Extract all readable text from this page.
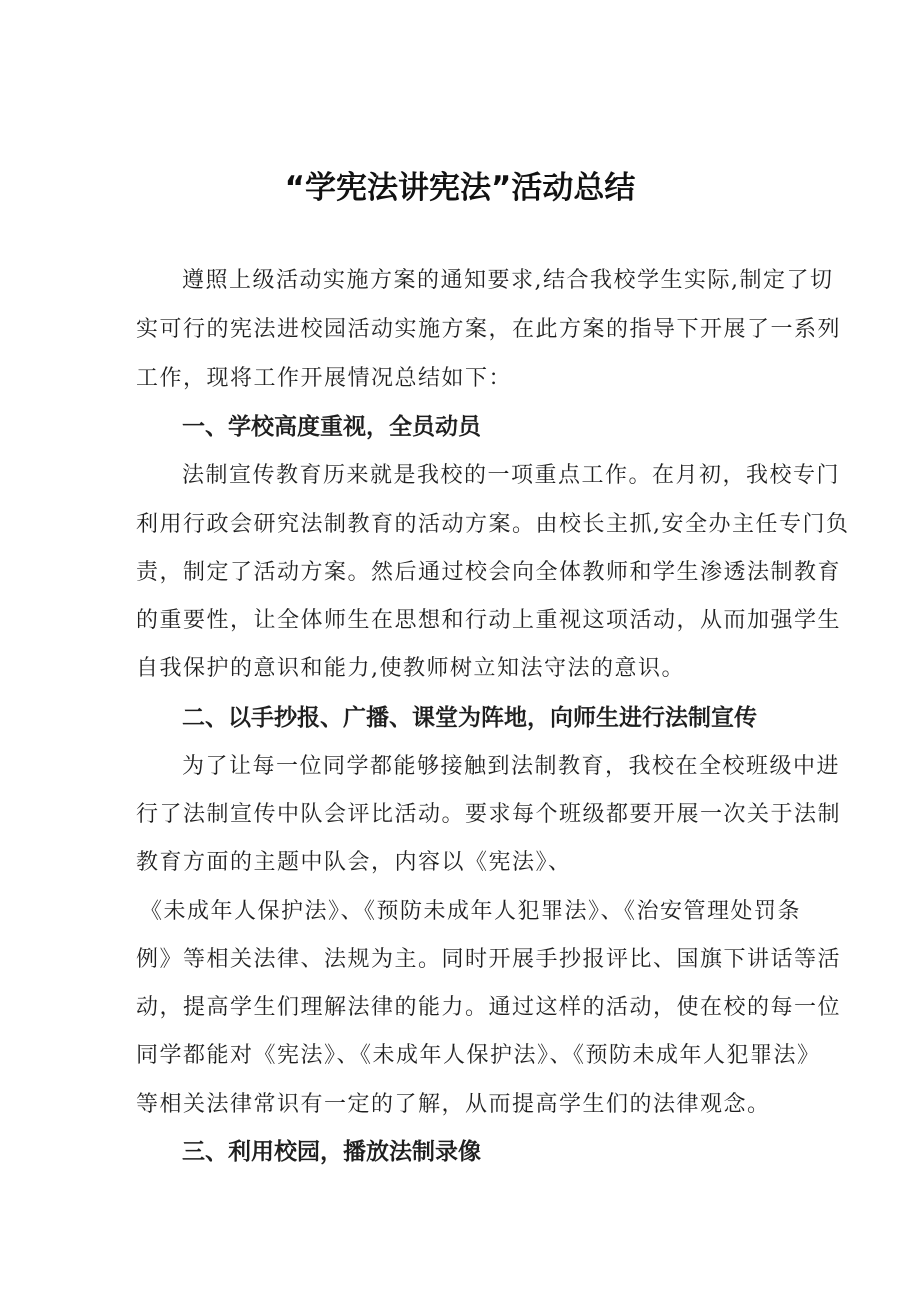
“学宪法讲宪法”活动总结

遵照上级活动实施方案的通知要求,结合我校学生实际,制定了切

实可行的宪法进校园活动实施方案，在此方案的指导下开展了一系列

工作，现将工作开展情况总结如下：

一、学校高度重视，全员动员

法制宣传教育历来就是我校的一项重点工作。在月初，我校专门

利用行政会研究法制教育的活动方案。由校长主抓,安全办主任专门负

责，制定了活动方案。然后通过校会向全体教师和学生渗透法制教育

的重要性，让全体师生在思想和行动上重视这项活动，从而加强学生

自我保护的意识和能力,使教师树立知法守法的意识。

二、以手抄报、广播、课堂为阵地，向师生进行法制宣传

为了让每一位同学都能够接触到法制教育，我校在全校班级中进

行了法制宣传中队会评比活动。要求每个班级都要开展一次关于法制

教育方面的主题中队会，内容以《宪法》、

《未成年人保护法》、《预防未成年人犯罪法》、《治安管理处罚条

例》等相关法律、法规为主。同时开展手抄报评比、国旗下讲话等活

动，提高学生们理解法律的能力。通过这样的活动，使在校的每一位

同学都能对《宪法》、《未成年人保护法》、《预防未成年人犯罪法》

等相关法律常识有一定的了解，从而提高学生们的法律观念。

三、利用校园，播放法制录像
